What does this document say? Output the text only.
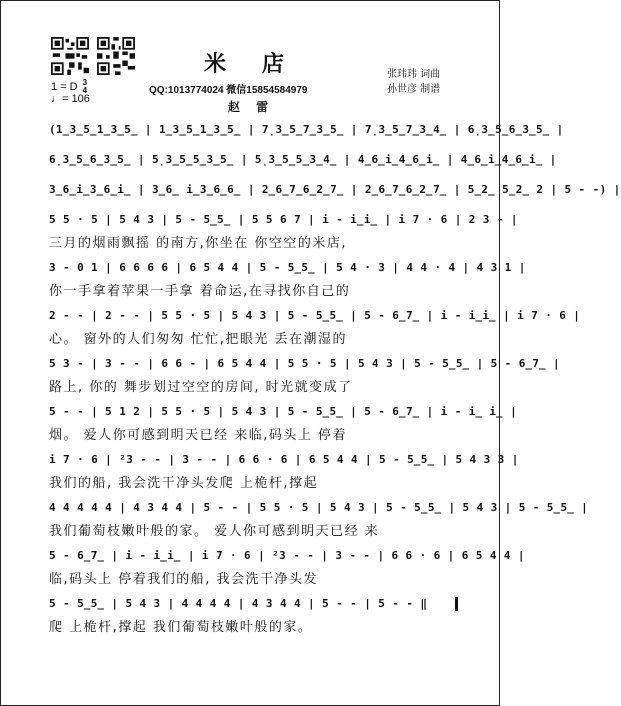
米 店
QQ:1013774024 微信15854584979
张玮玮 词曲
孙世彦 制谱
赵 雷
1 = D 3
4
♩= 106
(1̲3̲5̲1̲3̲5̲ | 1̲3̲5̲1̲3̲5̲ | 7̣3̲5̲7̲3̲5̲ | 7̣3̲5̲7̲3̲4̲ | 6̣3̲5̲6̲3̲5̲ |
6̣3̲5̲6̲3̲5̲ | 5̣3̲5̲5̲3̲5̲ | 5̣3̲5̲5̲3̲4̲ | 4̲6̲i̲4̲6̲i̲ | 4̲6̲i̲4̲6̲i̲ |
3̲6̲i̲3̲6̲i̲ | 3̲6̲ i̲3̲6̲6̲ | 2̲6̲7̲6̲2̲7̲ | 2̲6̲7̲6̲2̲7̲ | 5̲2̲ 5̲2̲ 2 | 5 - -) |
5 5 · 5 | 5 4 3 | 5 - 5̲5̲ | 5 5 6 7 | i - i̲i̲ | i 7 · 6 | 2 3 - |
三月的烟雨飘摇 的南方,你坐在 你空空的米店,
3 - 0 1 | 6 6 6 6 | 6 5 4 4 | 5 - 5̲5̲ | 5 4 · 3 | 4 4 · 4 | 4 3 1 |
你一手拿着苹果一手拿 着命运,在寻找你自己的
2 - - | 2 - - | 5 5 · 5 | 5 4 3 | 5 - 5̲5̲ | 5 - 6̲7̲ | i - i̲i̲ | i 7 · 6 |
心。 窗外的人们匆匆 忙忙,把眼光 丢在潮湿的
5 3 - | 3 - - | 6 6 - | 6 5 4 4 | 5 5 · 5 | 5 4 3 | 5 - 5̲5̲ | 5 - 6̲7̲ |
路上, 你的 舞步划过空空的房间, 时光就变成了
5 - - | 5 1 2 | 5 5 · 5 | 5 4 3 | 5 - 5̲5̲ | 5 - 6̲7̲ | i - i̲ i̲ |
烟。 爱人你可感到明天已经 来临,码头上 停着
i 7 · 6 | ²3 - - | 3 - - | 6 6 · 6 | 6 5 4 4 | 5 - 5̲5̲ | 5 4 3 3 |
我们的船, 我会洗干净头发爬 上桅杆,撑起
4 4 4 4 4 | 4 3 4 4 | 5 - - | 5 5 · 5 | 5 4 3 | 5 - 5̲5̲ | 5 4 3 | 5 - 5̲5̲ |
我们葡萄枝嫩叶般的家。 爱人你可感到明天已经 来
5 - 6̲7̲ | i - i̲i̲ | i 7 · 6 | ²3 - - | 3 - - | 6 6 · 6 | 6 5 4 4 |
临,码头上 停着我们的船, 我会洗干净头发
5 - 5̲5̲ | 5 4 3 | 4 4 4 4 | 4 3 4 4 | 5 - - | 5 - - ‖
爬 上桅杆,撑起 我们葡萄枝嫩叶般的家。
